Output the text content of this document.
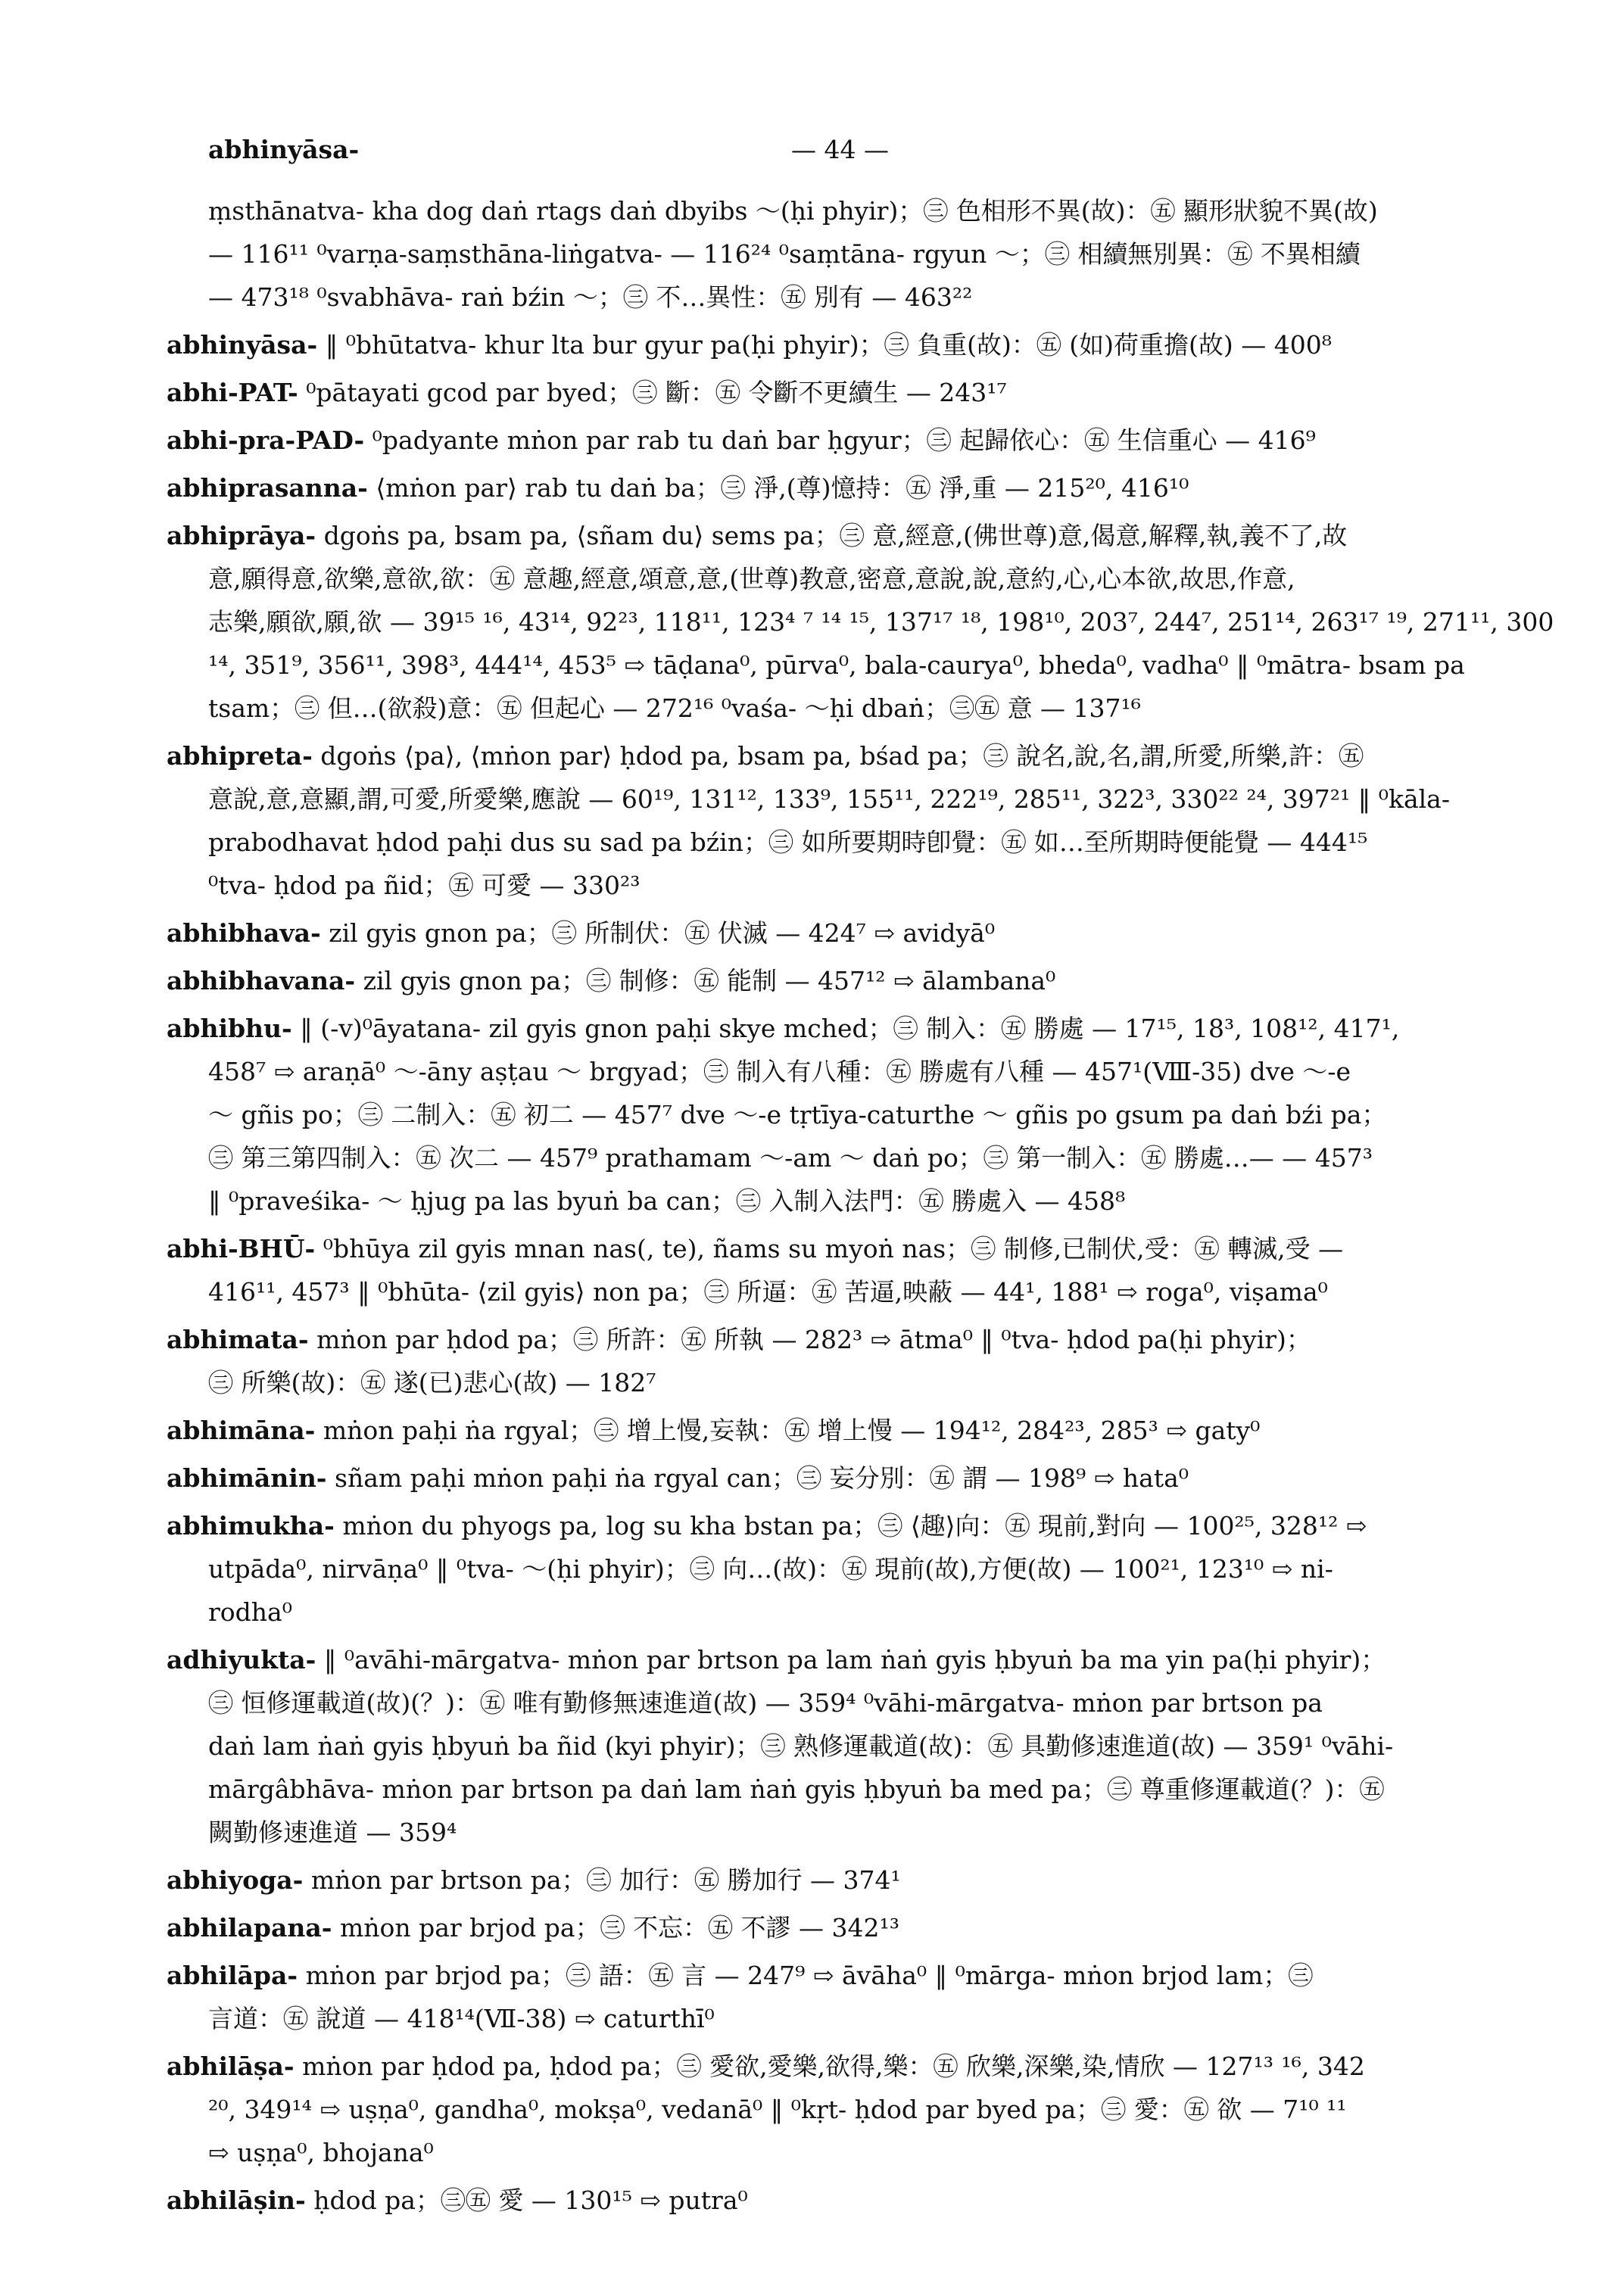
abhinyāsa-	— 44 —
ṃsthānatva- kha dog daṅ rtags daṅ dbyibs ～(ḥi phyir)；㊂ 色相形不異(故)：㊄ 顯形狀貌不異(故)
— 116¹¹ ⁰varṇa-saṃsthāna-liṅgatva- — 116²⁴ ⁰saṃtāna- rgyun ～；㊂ 相續無別異：㊄ 不異相續
— 473¹⁸ ⁰svabhāva- raṅ bźin ～；㊂ 不…異性：㊄ 別有 — 463²²
abhinyāsa- ‖ ⁰bhūtatva- khur lta bur gyur pa(ḥi phyir)；㊂ 負重(故)：㊄ (如)荷重擔(故) — 400⁸
abhi-PAT- ⁰pātayati gcod par byed；㊂ 斷：㊄ 令斷不更續生 — 243¹⁷
abhi-pra-PAD- ⁰padyante mṅon par rab tu daṅ bar ḥgyur；㊂ 起歸依心：㊄ 生信重心 — 416⁹
abhiprasanna- ⟨mṅon par⟩ rab tu daṅ ba；㊂ 淨,(尊)憶持：㊄ 淨,重 — 215²⁰, 416¹⁰
abhiprāya- dgoṅs pa, bsam pa, ⟨sñam du⟩ sems pa；㊂ 意,經意,(佛世尊)意,偈意,解釋,執,義不了,故
意,願得意,欲樂,意欲,欲：㊄ 意趣,經意,頌意,意,(世尊)教意,密意,意說,說,意約,心,心本欲,故思,作意,
志樂,願欲,願,欲 — 39¹⁵ ¹⁶, 43¹⁴, 92²³, 118¹¹, 123⁴ ⁷ ¹⁴ ¹⁵, 137¹⁷ ¹⁸, 198¹⁰, 203⁷, 244⁷, 251¹⁴, 263¹⁷ ¹⁹, 271¹¹, 300
¹⁴, 351⁹, 356¹¹, 398³, 444¹⁴, 453⁵ ⇨ tāḍana⁰, pūrva⁰, bala-caurya⁰, bheda⁰, vadha⁰ ‖ ⁰mātra- bsam pa
tsam；㊂ 但…(欲殺)意：㊄ 但起心 — 272¹⁶ ⁰vaśa- ～ḥi dbaṅ；㊂㊄ 意 — 137¹⁶
abhipreta- dgoṅs ⟨pa⟩, ⟨mṅon par⟩ ḥdod pa, bsam pa, bśad pa；㊂ 說名,說,名,謂,所愛,所樂,許：㊄
意說,意,意顯,謂,可愛,所愛樂,應說 — 60¹⁹, 131¹², 133⁹, 155¹¹, 222¹⁹, 285¹¹, 322³, 330²² ²⁴, 397²¹ ‖ ⁰kāla-
prabodhavat ḥdod paḥi dus su sad pa bźin；㊂ 如所要期時卽覺：㊄ 如…至所期時便能覺 — 444¹⁵
⁰tva- ḥdod pa ñid；㊄ 可愛 — 330²³
abhibhava- zil gyis gnon pa；㊂ 所制伏：㊄ 伏滅 — 424⁷ ⇨ avidyā⁰
abhibhavana- zil gyis gnon pa；㊂ 制修：㊄ 能制 — 457¹² ⇨ ālambana⁰
abhibhu- ‖ (-v)⁰āyatana- zil gyis gnon paḥi skye mched；㊂ 制入：㊄ 勝處 — 17¹⁵, 18³, 108¹², 417¹,
458⁷ ⇨ araṇā⁰ ～-āny aṣṭau ～ brgyad；㊂ 制入有八種：㊄ 勝處有八種 — 457¹(Ⅷ-35) dve ～-e
～ gñis po；㊂ 二制入：㊄ 初二 — 457⁷ dve ～-e tṛtīya-caturthe ～ gñis po gsum pa daṅ bźi pa；
㊂ 第三第四制入：㊄ 次二 — 457⁹ prathamam ～-am ～ daṅ po；㊂ 第一制入：㊄ 勝處…— — 457³
‖ ⁰praveśika- ～ ḥjug pa las byuṅ ba can；㊂ 入制入法門：㊄ 勝處入 — 458⁸
abhi-BHŪ- ⁰bhūya zil gyis mnan nas(, te), ñams su myoṅ nas；㊂ 制修,已制伏,受：㊄ 轉滅,受 —
416¹¹, 457³ ‖ ⁰bhūta- ⟨zil gyis⟩ non pa；㊂ 所逼：㊄ 苦逼,映蔽 — 44¹, 188¹ ⇨ roga⁰, viṣama⁰
abhimata- mṅon par ḥdod pa；㊂ 所許：㊄ 所執 — 282³ ⇨ ātma⁰ ‖ ⁰tva- ḥdod pa(ḥi phyir)；
㊂ 所樂(故)：㊄ 遂(已)悲心(故) — 182⁷
abhimāna- mṅon paḥi ṅa rgyal；㊂ 增上慢,妄執：㊄ 增上慢 — 194¹², 284²³, 285³ ⇨ gaty⁰
abhimānin- sñam paḥi mṅon paḥi ṅa rgyal can；㊂ 妄分別：㊄ 謂 — 198⁹ ⇨ hata⁰
abhimukha- mṅon du phyogs pa, log su kha bstan pa；㊂ ⟨趣⟩向：㊄ 現前,對向 — 100²⁵, 328¹² ⇨
utpāda⁰, nirvāṇa⁰ ‖ ⁰tva- ～(ḥi phyir)；㊂ 向…(故)：㊄ 現前(故),方便(故) — 100²¹, 123¹⁰ ⇨ ni-
rodha⁰
adhiyukta- ‖ ⁰avāhi-mārgatva- mṅon par brtson pa lam ṅaṅ gyis ḥbyuṅ ba ma yin pa(ḥi phyir)；
㊂ 恒修運載道(故)(？)：㊄ 唯有勤修無速進道(故) — 359⁴ ⁰vāhi-mārgatva- mṅon par brtson pa
daṅ lam ṅaṅ gyis ḥbyuṅ ba ñid (kyi phyir)；㊂ 熟修運載道(故)：㊄ 具勤修速進道(故) — 359¹ ⁰vāhi-
mārgâbhāva- mṅon par brtson pa daṅ lam ṅaṅ gyis ḥbyuṅ ba med pa；㊂ 尊重修運載道(？)：㊄
闕勤修速進道 — 359⁴
abhiyoga- mṅon par brtson pa；㊂ 加行：㊄ 勝加行 — 374¹
abhilapana- mṅon par brjod pa；㊂ 不忘：㊄ 不謬 — 342¹³
abhilāpa- mṅon par brjod pa；㊂ 語：㊄ 言 — 247⁹ ⇨ āvāha⁰ ‖ ⁰mārga- mṅon brjod lam；㊂
言道：㊄ 說道 — 418¹⁴(Ⅶ-38) ⇨ caturthī⁰
abhilāṣa- mṅon par ḥdod pa, ḥdod pa；㊂ 愛欲,愛樂,欲得,樂：㊄ 欣樂,深樂,染,情欣 — 127¹³ ¹⁶, 342
²⁰, 349¹⁴ ⇨ uṣṇa⁰, gandha⁰, mokṣa⁰, vedanā⁰ ‖ ⁰kṛt- ḥdod par byed pa；㊂ 愛：㊄ 欲 — 7¹⁰ ¹¹
⇨ uṣṇa⁰, bhojana⁰
abhilāṣin- ḥdod pa；㊂㊄ 愛 — 130¹⁵ ⇨ putra⁰
